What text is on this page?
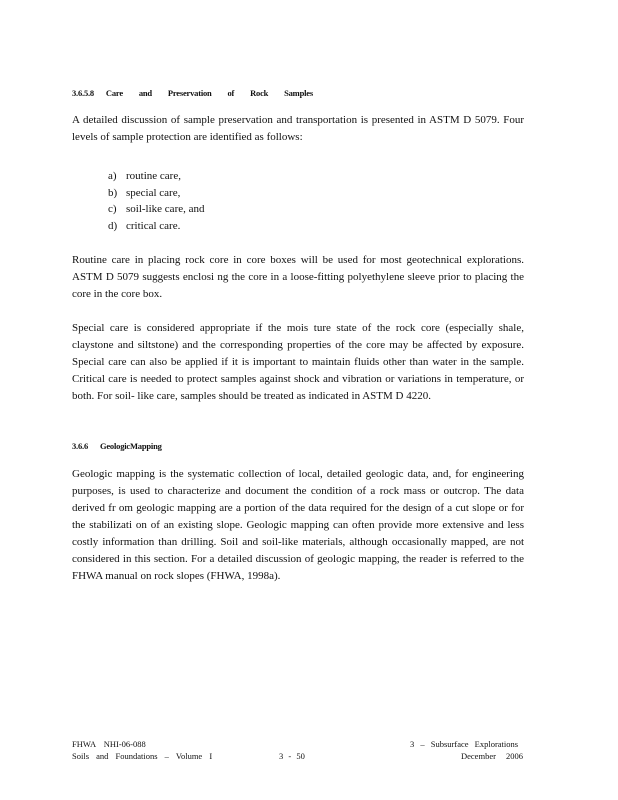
3.6.5.8 Care and Preservation of Rock Samples

A detailed discussion of sample preservation and transportation is presented in ASTM D 5079. Four levels of sample protection are identified as follows:

a) routine care,
b) special care,
c) soil-like care, and
d) critical care.

Routine care in placing rock core in core boxes will be used for most geotechnical explorations. ASTM D 5079 suggests enclosi ng the core in a loose-fitting polyethylene sleeve prior to placing the core in the core box.

Special care is considered appropriate if the mois ture state of the rock core (especially shale, claystone and siltstone) and the corresponding properties of the core may be affected by exposure. Special care can also be applied if it is important to maintain fluids other than water in the sample. Critical care is needed to protect samples against shock and vibration or variations in temperature, or both. For soil- like care, samples should be treated as indicated in ASTM D 4220.

3.6.6 GeologicMapping

Geologic mapping is the systematic collection of local, detailed geologic data, and, for engineering purposes, is used to characterize and document the condition of a rock mass or outcrop. The data derived fr om geologic mapping are a portion of the data required for the design of a cut slope or for the stabilizati on of an existing slope. Geologic mapping can often provide more extensive and less costly information than drilling. Soil and soil-like materials, although occasionally mapped, are not considered in this section. For a detailed discussion of geologic mapping, the reader is referred to the FHWA manual on rock slopes (FHWA, 1998a).

FHWA NHI-06-088
Soils and Foundations – Volume I	3 - 50
3 – Subsurface Explorations
December 2006
